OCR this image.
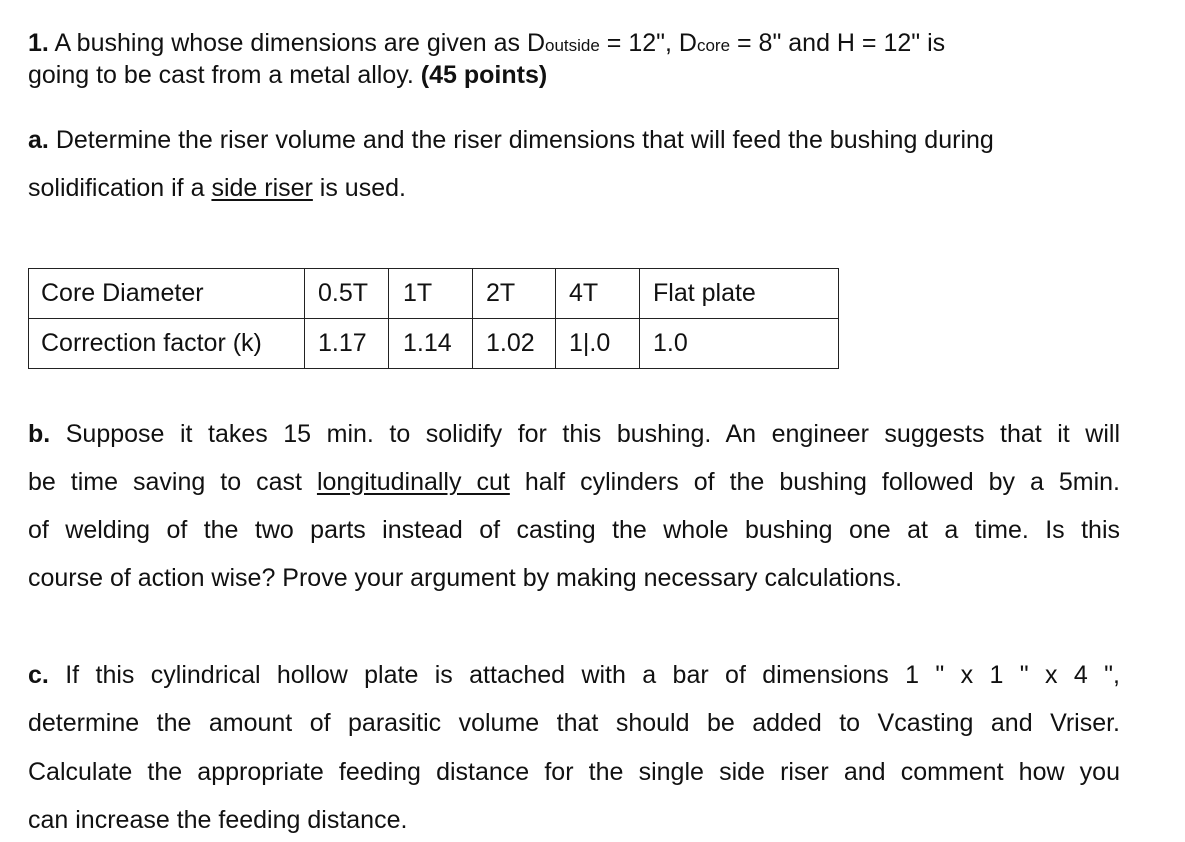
1. A bushing whose dimensions are given as Doutside = 12", Dcore = 8" and H = 12" is
going to be cast from a metal alloy. (45 points)
a. Determine the riser volume and the riser dimensions that will feed the bushing during
solidification if a side riser is used.
Core Diameter	0.5T	1T	2T	4T	Flat plate
Correction factor (k)	1.17	1.14	1.02	1|.0	1.0
b. Suppose it takes 15 min. to solidify for this bushing. An engineer suggests that it will
be time saving to cast longitudinally cut half cylinders of the bushing followed by a 5min.
of welding of the two parts instead of casting the whole bushing one at a time. Is this
course of action wise? Prove your argument by making necessary calculations.
c. If this cylindrical hollow plate is attached with a bar of dimensions 1 " x 1 " x 4 ",
determine the amount of parasitic volume that should be added to Vcasting and Vriser.
Calculate the appropriate feeding distance for the single side riser and comment how you
can increase the feeding distance.
